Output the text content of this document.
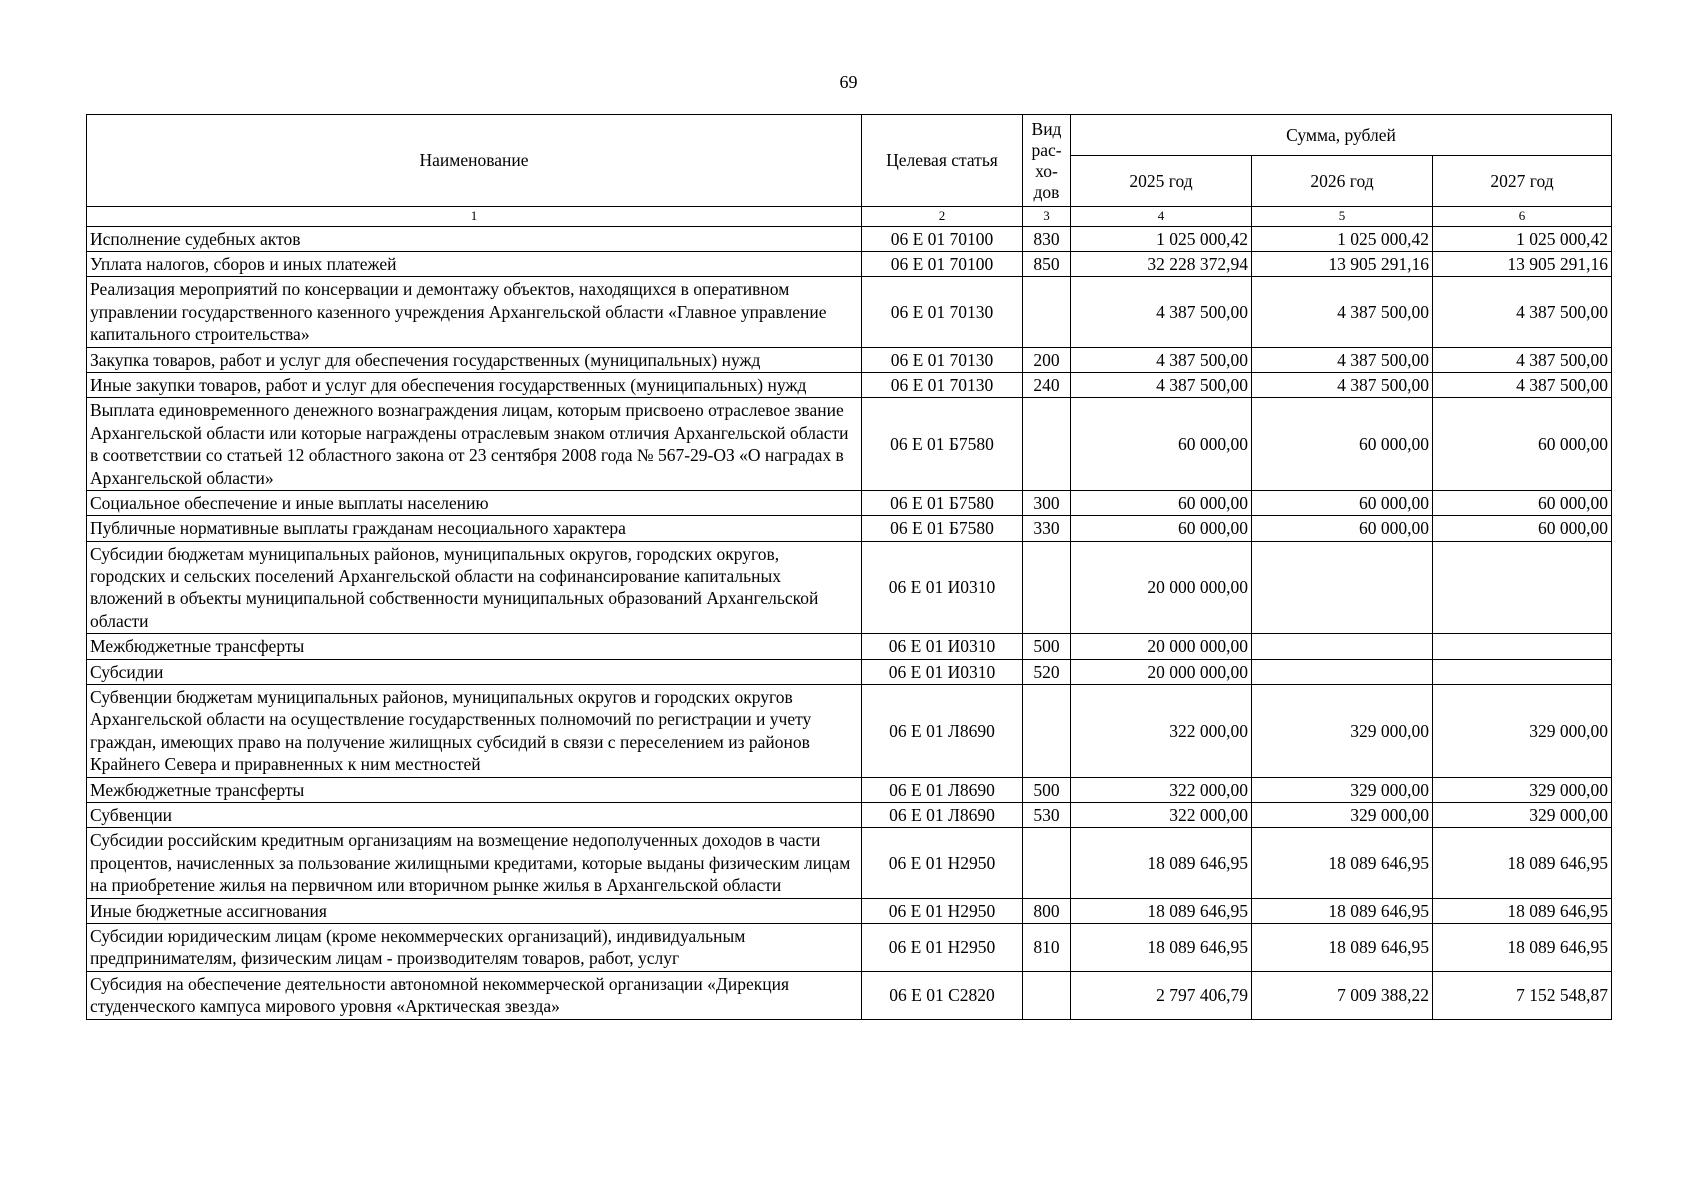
69
Наименование	Целевая статья	Вид
рас-
хо-
дов	Сумма, рублей		
			2025 год	2026 год	2027 год
1	2	3	4	5	6
Исполнение судебных актов	06 Е 01 70100	830	1 025 000,42	1 025 000,42	1 025 000,42
Уплата налогов, сборов и иных платежей	06 Е 01 70100	850	32 228 372,94	13 905 291,16	13 905 291,16
Реализация мероприятий по консервации и демонтажу объектов, находящихся в оперативном управлении государственного казенного учреждения Архангельской области «Главное управление капитального строительства»	06 Е 01 70130		4 387 500,00	4 387 500,00	4 387 500,00
Закупка товаров, работ и услуг для обеспечения государственных (муниципальных) нужд	06 Е 01 70130	200	4 387 500,00	4 387 500,00	4 387 500,00
Иные закупки товаров, работ и услуг для обеспечения государственных (муниципальных) нужд	06 Е 01 70130	240	4 387 500,00	4 387 500,00	4 387 500,00
Выплата единовременного денежного вознаграждения лицам, которым присвоено отраслевое звание Архангельской области или которые награждены отраслевым знаком отличия Архангельской области в соответствии со статьей 12 областного закона от 23 сентября 2008 года № 567-29-ОЗ «О наградах в Архангельской области»	06 Е 01 Б7580		60 000,00	60 000,00	60 000,00
Социальное обеспечение и иные выплаты населению	06 Е 01 Б7580	300	60 000,00	60 000,00	60 000,00
Публичные нормативные выплаты гражданам несоциального характера	06 Е 01 Б7580	330	60 000,00	60 000,00	60 000,00
Субсидии бюджетам муниципальных районов, муниципальных округов, городских округов, городских и сельских поселений Архангельской области на софинансирование капитальных вложений в объекты муниципальной собственности муниципальных образований Архангельской области	06 Е 01 И0310		20 000 000,00		
Межбюджетные трансферты	06 Е 01 И0310	500	20 000 000,00		
Субсидии	06 Е 01 И0310	520	20 000 000,00		
Субвенции бюджетам муниципальных районов, муниципальных округов и городских округов Архангельской области на осуществление государственных полномочий по регистрации и учету граждан, имеющих право на получение жилищных субсидий в связи с переселением из районов Крайнего Севера и приравненных к ним местностей	06 Е 01 Л8690		322 000,00	329 000,00	329 000,00
Межбюджетные трансферты	06 Е 01 Л8690	500	322 000,00	329 000,00	329 000,00
Субвенции	06 Е 01 Л8690	530	322 000,00	329 000,00	329 000,00
Субсидии российским кредитным организациям на возмещение недополученных доходов в части процентов, начисленных за пользование жилищными кредитами, которые выданы физическим лицам на приобретение жилья на первичном или вторичном рынке жилья в Архангельской области	06 Е 01 Н2950		18 089 646,95	18 089 646,95	18 089 646,95
Иные бюджетные ассигнования	06 Е 01 Н2950	800	18 089 646,95	18 089 646,95	18 089 646,95
Субсидии юридическим лицам (кроме некоммерческих организаций), индивидуальным предпринимателям, физическим лицам - производителям товаров, работ, услуг	06 Е 01 Н2950	810	18 089 646,95	18 089 646,95	18 089 646,95
Субсидия на обеспечение деятельности автономной некоммерческой организации «Дирекция студенческого кампуса мирового уровня «Арктическая звезда»	06 Е 01 С2820		2 797 406,79	7 009 388,22	7 152 548,87
